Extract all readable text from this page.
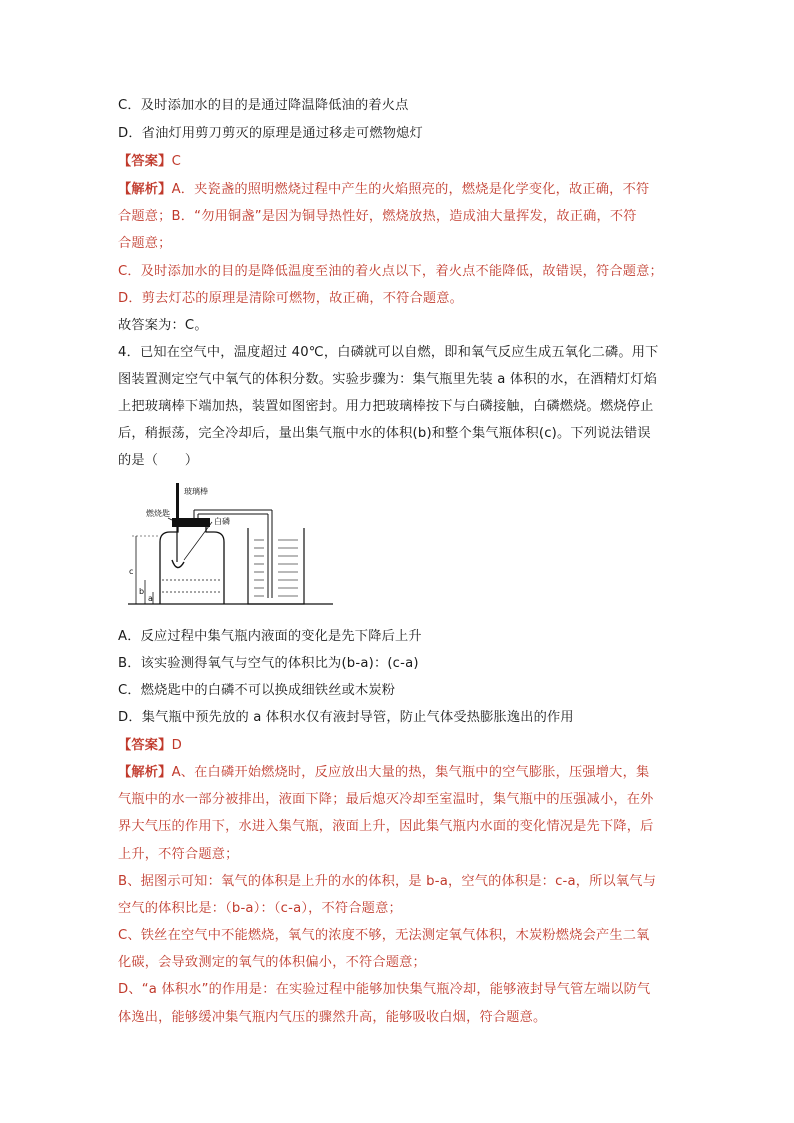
C．及时添加水的目的是通过降温降低油的着火点
D．省油灯用剪刀剪灭的原理是通过移走可燃物熄灯
【答案】C
【解析】A．夹瓷盏的照明燃烧过程中产生的火焰照亮的，燃烧是化学变化，故正确，不符
合题意；B．“勿用铜盏”是因为铜导热性好，燃烧放热，造成油大量挥发，故正确，不符
合题意；
C．及时添加水的目的是降低温度至油的着火点以下，着火点不能降低，故错误，符合题意；
D．剪去灯芯的原理是清除可燃物，故正确，不符合题意。
故答案为：C。
4．已知在空气中，温度超过 40℃，白磷就可以自燃，即和氧气反应生成五氧化二磷。用下
图装置测定空气中氧气的体积分数。实验步骤为：集气瓶里先装 a 体积的水，在酒精灯灯焰
上把玻璃棒下端加热，装置如图密封。用力把玻璃棒按下与白磷接触，白磷燃烧。燃烧停止
后，稍振荡，完全冷却后，量出集气瓶中水的体积(b)和整个集气瓶体积(c)。下列说法错误
的是（　　）
玻璃棒
燃烧匙
白磷
c
b
a
A．反应过程中集气瓶内液面的变化是先下降后上升
B．该实验测得氧气与空气的体积比为(b-a)：(c-a)
C．燃烧匙中的白磷不可以换成细铁丝或木炭粉
D．集气瓶中预先放的 a 体积水仅有液封导管，防止气体受热膨胀逸出的作用
【答案】D
【解析】A、在白磷开始燃烧时，反应放出大量的热，集气瓶中的空气膨胀，压强增大，集
气瓶中的水一部分被排出，液面下降；最后熄灭冷却至室温时，集气瓶中的压强减小，在外
界大气压的作用下，水进入集气瓶，液面上升，因此集气瓶内水面的变化情况是先下降，后
上升，不符合题意；
B、据图示可知：氧气的体积是上升的水的体积，是 b-a，空气的体积是：c-a，所以氧气与
空气的体积比是：（b-a）：（c-a），不符合题意；
C、铁丝在空气中不能燃烧，氧气的浓度不够，无法测定氧气体积，木炭粉燃烧会产生二氧
化碳，会导致测定的氧气的体积偏小，不符合题意；
D、“a 体积水”的作用是：在实验过程中能够加快集气瓶冷却，能够液封导气管左端以防气
体逸出，能够缓冲集气瓶内气压的骤然升高，能够吸收白烟，符合题意。
